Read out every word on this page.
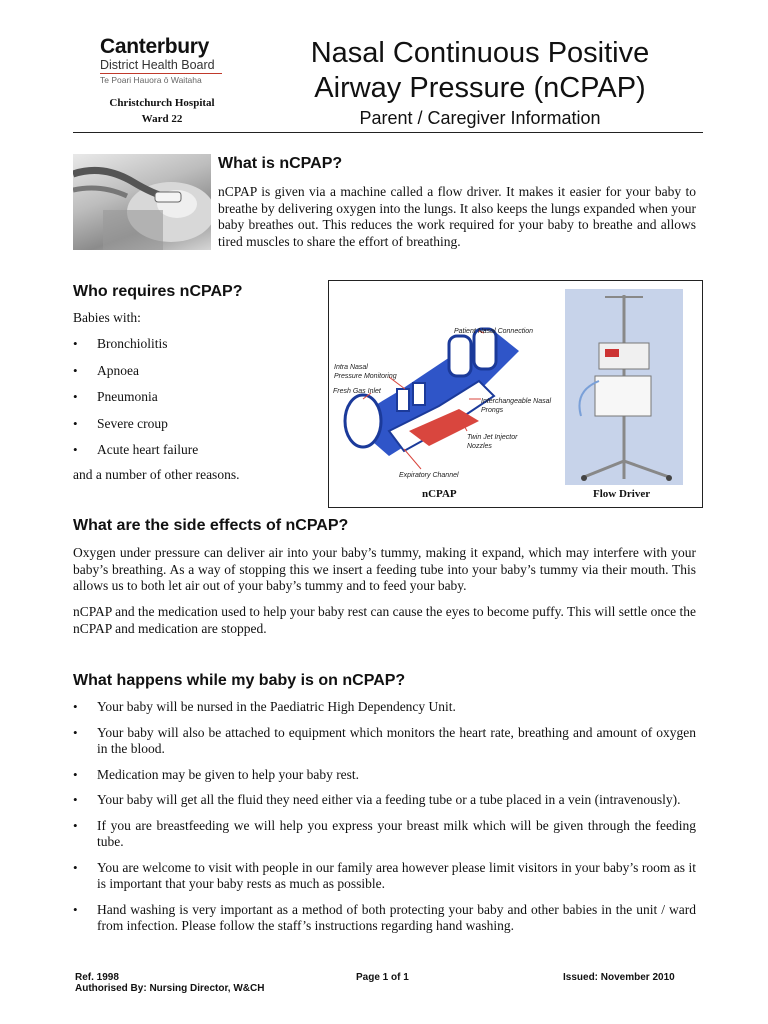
Canterbury
District Health Board
Te Poari Hauora ō Waitaha
Christchurch Hospital
Ward 22
Nasal Continuous Positive
Airway Pressure (nCPAP)
Parent / Caregiver Information
What is nCPAP?

nCPAP is given via a machine called a flow driver. It makes it easier for your baby to breathe by delivering oxygen into the lungs. It also keeps the lungs expanded when your baby breathes out. This reduces the work required for your baby to breathe and allows tired muscles to share the effort of breathing.

Who requires nCPAP?

Babies with:

• Bronchiolitis
• Apnoea
• Pneumonia
• Severe croup
• Acute heart failure

and a number of other reasons.

Patient Nasal Connection
Intra Nasal
Pressure Monitoring
Fresh Gas Inlet
Interchangeable Nasal
Prongs
Twin Jet Injector
Nozzles
Expiratory Channel
nCPAP	Flow Driver
What are the side effects of nCPAP?

Oxygen under pressure can deliver air into your baby’s tummy, making it expand, which may interfere with your baby’s breathing. As a way of stopping this we insert a feeding tube into your baby’s tummy via their mouth. This allows us to both let air out of your baby’s tummy and to feed your baby.

nCPAP and the medication used to help your baby rest can cause the eyes to become puffy. This will settle once the nCPAP and medication are stopped.

What happens while my baby is on nCPAP?
• Your baby will be nursed in the Paediatric High Dependency Unit.
• Your baby will also be attached to equipment which monitors the heart rate, breathing and amount of oxygen in the blood.
• Medication may be given to help your baby rest.
• Your baby will get all the fluid they need either via a feeding tube or a tube placed in a vein (intravenously).
• If you are breastfeeding we will help you express your breast milk which will be given through the feeding tube.
• You are welcome to visit with people in our family area however please limit visitors in your baby’s room as it is important that your baby rests as much as possible.
• Hand washing is very important as a method of both protecting your baby and other babies in the unit / ward from infection. Please follow the staff’s instructions regarding hand washing.
Ref. 1998
Authorised By: Nursing Director, W&CH
Page 1 of 1	Issued: November 2010
